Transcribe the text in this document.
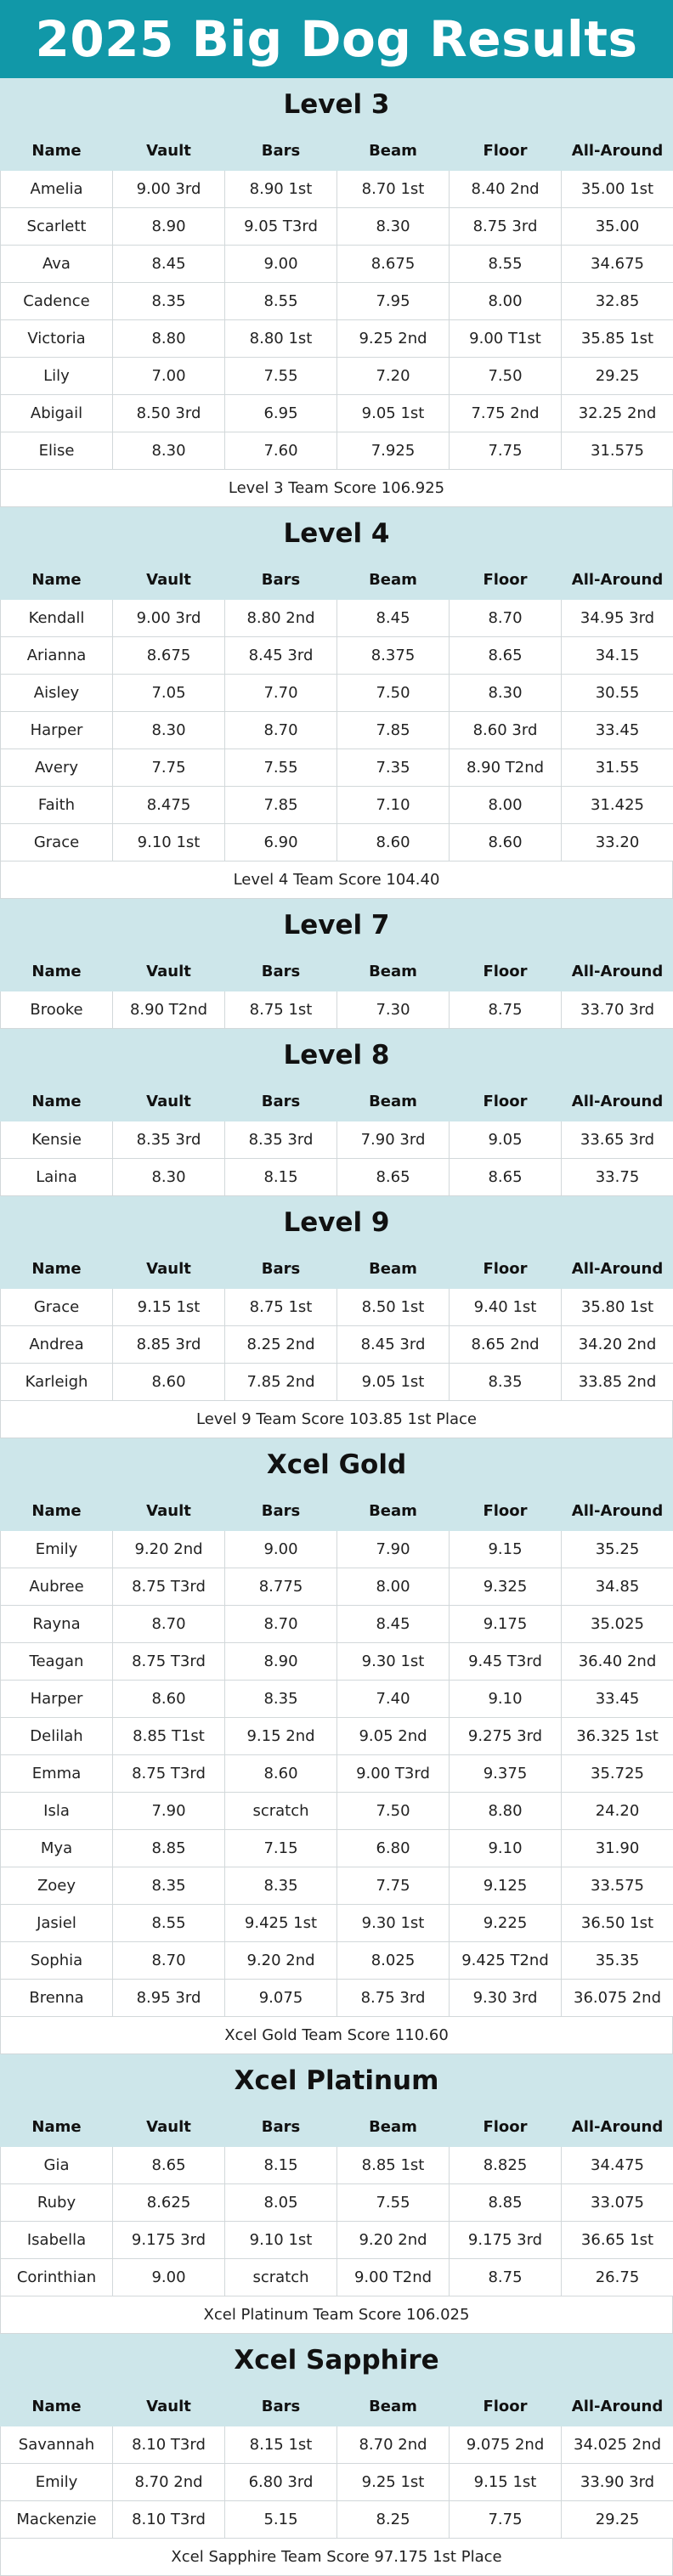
2025 Big Dog Results
Level 3
Name	Vault	Bars	Beam	Floor	All-Around
Amelia	9.00 3rd	8.90 1st	8.70 1st	8.40 2nd	35.00 1st
Scarlett	8.90	9.05 T3rd	8.30	8.75 3rd	35.00
Ava	8.45	9.00	8.675	8.55	34.675
Cadence	8.35	8.55	7.95	8.00	32.85
Victoria	8.80	8.80 1st	9.25 2nd	9.00 T1st	35.85 1st
Lily	7.00	7.55	7.20	7.50	29.25
Abigail	8.50 3rd	6.95	9.05 1st	7.75 2nd	32.25 2nd
Elise	8.30	7.60	7.925	7.75	31.575
Level 3 Team Score 106.925
Level 4
Name	Vault	Bars	Beam	Floor	All-Around
Kendall	9.00 3rd	8.80 2nd	8.45	8.70	34.95 3rd
Arianna	8.675	8.45 3rd	8.375	8.65	34.15
Aisley	7.05	7.70	7.50	8.30	30.55
Harper	8.30	8.70	7.85	8.60 3rd	33.45
Avery	7.75	7.55	7.35	8.90 T2nd	31.55
Faith	8.475	7.85	7.10	8.00	31.425
Grace	9.10 1st	6.90	8.60	8.60	33.20
Level 4 Team Score 104.40
Level 7
Name	Vault	Bars	Beam	Floor	All-Around
Brooke	8.90 T2nd	8.75 1st	7.30	8.75	33.70 3rd
Level 8
Name	Vault	Bars	Beam	Floor	All-Around
Kensie	8.35 3rd	8.35 3rd	7.90 3rd	9.05	33.65 3rd
Laina	8.30	8.15	8.65	8.65	33.75
Level 9
Name	Vault	Bars	Beam	Floor	All-Around
Grace	9.15 1st	8.75 1st	8.50 1st	9.40 1st	35.80 1st
Andrea	8.85 3rd	8.25 2nd	8.45 3rd	8.65 2nd	34.20 2nd
Karleigh	8.60	7.85 2nd	9.05 1st	8.35	33.85 2nd
Level 9 Team Score 103.85 1st Place
Xcel Gold
Name	Vault	Bars	Beam	Floor	All-Around
Emily	9.20 2nd	9.00	7.90	9.15	35.25
Aubree	8.75 T3rd	8.775	8.00	9.325	34.85
Rayna	8.70	8.70	8.45	9.175	35.025
Teagan	8.75 T3rd	8.90	9.30 1st	9.45 T3rd	36.40 2nd
Harper	8.60	8.35	7.40	9.10	33.45
Delilah	8.85 T1st	9.15 2nd	9.05 2nd	9.275 3rd	36.325 1st
Emma	8.75 T3rd	8.60	9.00 T3rd	9.375	35.725
Isla	7.90	scratch	7.50	8.80	24.20
Mya	8.85	7.15	6.80	9.10	31.90
Zoey	8.35	8.35	7.75	9.125	33.575
Jasiel	8.55	9.425 1st	9.30 1st	9.225	36.50 1st
Sophia	8.70	9.20 2nd	8.025	9.425 T2nd	35.35
Brenna	8.95 3rd	9.075	8.75 3rd	9.30 3rd	36.075 2nd
Xcel Gold Team Score 110.60
Xcel Platinum
Name	Vault	Bars	Beam	Floor	All-Around
Gia	8.65	8.15	8.85 1st	8.825	34.475
Ruby	8.625	8.05	7.55	8.85	33.075
Isabella	9.175 3rd	9.10 1st	9.20 2nd	9.175 3rd	36.65 1st
Corinthian	9.00	scratch	9.00 T2nd	8.75	26.75
Xcel Platinum Team Score 106.025
Xcel Sapphire
Name	Vault	Bars	Beam	Floor	All-Around
Savannah	8.10 T3rd	8.15 1st	8.70 2nd	9.075 2nd	34.025 2nd
Emily	8.70 2nd	6.80 3rd	9.25 1st	9.15 1st	33.90 3rd
Mackenzie	8.10 T3rd	5.15	8.25	7.75	29.25
Xcel Sapphire Team Score 97.175 1st Place
